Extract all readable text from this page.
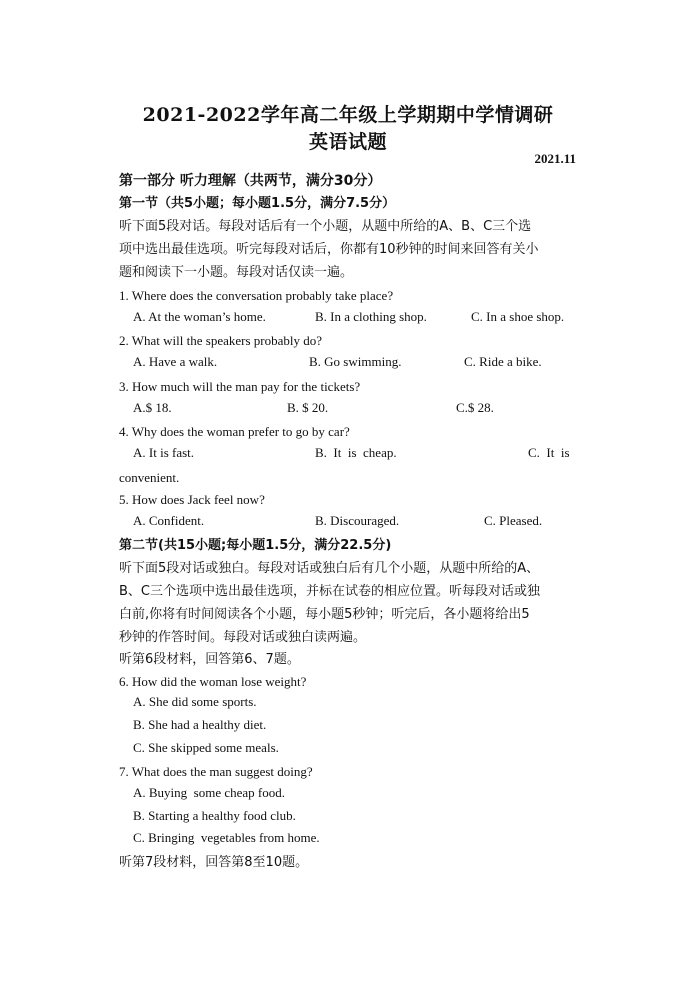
2021-2022学年高二年级上学期期中学情调研
英语试题
2021.11
第一部分 听力理解（共两节，满分30分）
第一节（共5小题；每小题1.5分，满分7.5分）
听下面5段对话。每段对话后有一个小题，从题中所给的A、B、C三个选
项中选出最佳选项。听完每段对话后，你都有10秒钟的时间来回答有关小
题和阅读下一小题。每段对话仅读一遍。
1. Where does the conversation probably take place?
A. At the woman’s home.	B. In a clothing shop.	C. In a shoe shop.
2. What will the speakers probably do?
A. Have a walk.	B. Go swimming.	C. Ride a bike.
3. How much will the man pay for the tickets?
A.$ 18.	B. $ 20.	C.$ 28.
4. Why does the woman prefer to go by car?
A. It is fast.	B.  It  is  cheap.	C.  It  is
convenient.
5. How does Jack feel now?
A. Confident.	B. Discouraged.	C. Pleased.
第二节(共15小题;每小题1.5分，满分22.5分)
听下面5段对话或独白。每段对话或独白后有几个小题，从题中所给的A、
B、C三个选项中选出最佳选项，并标在试卷的相应位置。听每段对话或独
白前,你将有时间阅读各个小题，每小题5秒钟；听完后，各小题将给出5
秒钟的作答时间。每段对话或独白读两遍。
听第6段材料，回答第6、7题。
6. How did the woman lose weight?
A. She did some sports.
B. She had a healthy diet.
C. She skipped some meals.
7. What does the man suggest doing?
A. Buying  some cheap food.
B. Starting a healthy food club.
C. Bringing  vegetables from home.
听第7段材料，回答第8至10题。
